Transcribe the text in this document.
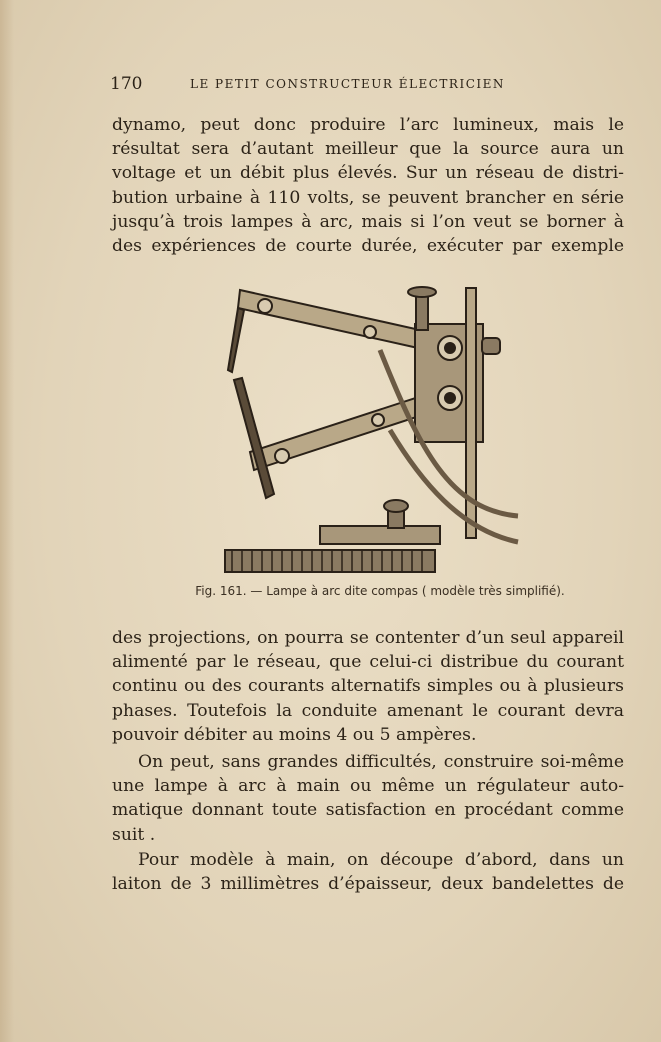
170	LE PETIT CONSTRUCTEUR ÉLECTRICIEN
dynamo, peut donc produire l’arc lumineux, mais le
résultat sera d’autant meilleur que la source aura un
voltage et un débit plus élevés. Sur un réseau de distri-
bution urbaine à 110 volts, se peuvent brancher en série
jusqu’à trois lampes à arc, mais si l’on veut se borner à
des expériences de courte durée, exécuter par exemple
Fig. 161. — Lampe à arc dite compas ( modèle très simplifié).
des projections, on pourra se contenter d’un seul appareil
alimenté par le réseau, que celui-ci distribue du courant
continu ou des courants alternatifs simples ou à plusieurs
phases. Toutefois la conduite amenant le courant devra
pouvoir débiter au moins 4 ou 5 ampères.
On peut, sans grandes difficultés, construire soi-même
une lampe à arc à main ou même un régulateur auto-
matique donnant toute satisfaction en procédant comme
suit .
Pour modèle à main, on découpe d’abord, dans un
laiton de 3 millimètres d’épaisseur, deux bandelettes de
